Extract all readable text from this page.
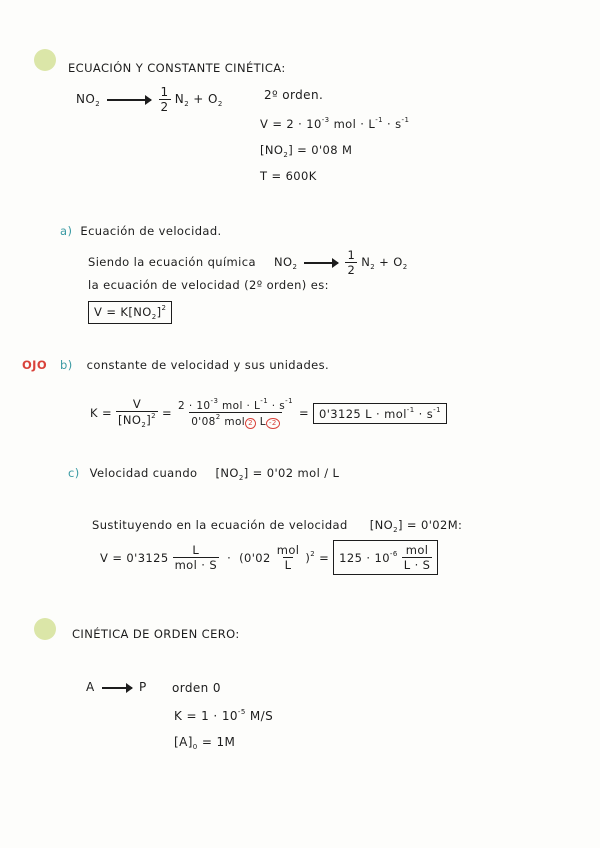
ECUACIÓN Y CONSTANTE CINÉTICA:
$NO_2$	$\frac{1}{2} N_2 + O_2$
2º orden.
$V = 2 \cdot 10^{-3}$ mol · $L^{-1} \cdot s^{-1}$
$[NO_2] = 0'08$ M
T = 600K
a) Ecuación de velocidad.
Siendo la ecuación química $NO_2$	$\frac{1}{2} N_2 + O_2$
la ecuación de velocidad (2º orden) es:
$V = K[NO_2]^2$
OJO b) constante de velocidad y sus unidades.
$K = \frac{V}{[NO_2]^2} = \frac{2 \cdot 10^{-3} mol \cdot L^{-1} \cdot s^{-1}}{0'08^2 mol 2 L -2} = 0'3125$ $L \cdot mol^{-1} \cdot s^{-1}$
c) Velocidad cuando $[NO_2] = 0'02$ mol / L
Sustituyendo en la ecuación de velocidad $[NO_2] = 0'02M$:
$V = 0'3125 \frac{L}{\text{mol · S}} \cdot (0'02 \frac{\text{mol}}{L} )^2 = 125 \cdot 10^{-6} \frac{\text{mol}}{L \cdot S}$
CINÉTICA DE ORDEN CERO:
A → P orden 0
$K = 1 \cdot 10^{-5}$ M/S
$[A]_0 = 1M$
